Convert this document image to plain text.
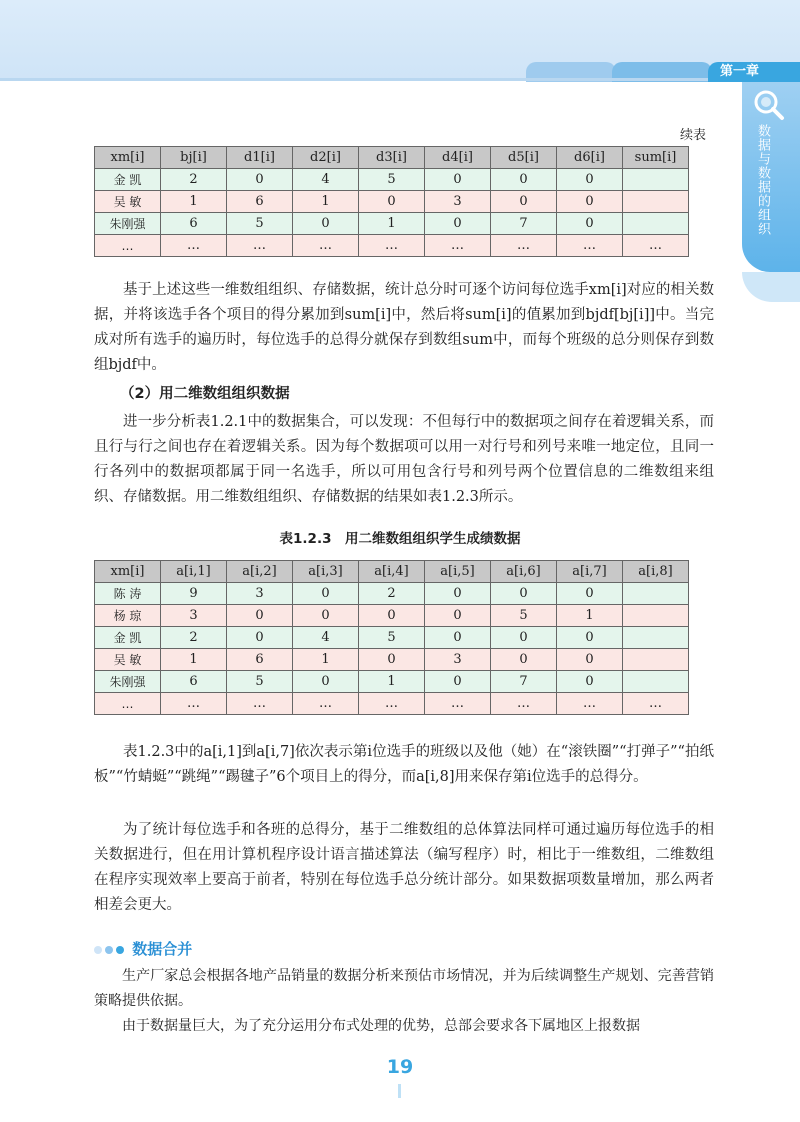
第一章
数据与数据的组织
续表
xm[i]	bj[i]	d1[i]	d2[i]	d3[i]	d4[i]	d5[i]	d6[i]	sum[i]
金 凯	2	0	4	5	0	0	0	
吴 敏	1	6	1	0	3	0	0	
朱刚强	6	5	0	1	0	7	0	
…	…	…	…	…	…	…	…	…

基于上述这些一维数组组织、存储数据，统计总分时可逐个访问每位选手xm[i]对应的相关数据，并将该选手各个项目的得分累加到sum[i]中，然后将sum[i]的值累加到bjdf[bj[i]]中。当完成对所有选手的遍历时，每位选手的总得分就保存到数组sum中，而每个班级的总分则保存到数组bjdf中。

（2）用二维数组组织数据

进一步分析表1.2.1中的数据集合，可以发现：不但每行中的数据项之间存在着逻辑关系，而且行与行之间也存在着逻辑关系。因为每个数据项可以用一对行号和列号来唯一地定位，且同一行各列中的数据项都属于同一名选手，所以可用包含行号和列号两个位置信息的二维数组来组织、存储数据。用二维数组组织、存储数据的结果如表1.2.3所示。

表1.2.3　用二维数组组织学生成绩数据
xm[i]	a[i,1]	a[i,2]	a[i,3]	a[i,4]	a[i,5]	a[i,6]	a[i,7]	a[i,8]
陈 涛	9	3	0	2	0	0	0	
杨 琼	3	0	0	0	0	5	1	
金 凯	2	0	4	5	0	0	0	
吴 敏	1	6	1	0	3	0	0	
朱刚强	6	5	0	1	0	7	0	
…	…	…	…	…	…	…	…	…

表1.2.3中的a[i,1]到a[i,7]依次表示第i位选手的班级以及他（她）在“滚铁圈”“打弹子”“拍纸板”“竹蜻蜓”“跳绳”“踢毽子”6个项目上的得分，而a[i,8]用来保存第i位选手的总得分。

为了统计每位选手和各班的总得分，基于二维数组的总体算法同样可通过遍历每位选手的相关数据进行，但在用计算机程序设计语言描述算法（编写程序）时，相比于一维数组，二维数组在程序实现效率上要高于前者，特别在每位选手总分统计部分。如果数据项数量增加，那么两者相差会更大。

数据合并

生产厂家总会根据各地产品销量的数据分析来预估市场情况，并为后续调整生产规划、完善营销策略提供依据。

由于数据量巨大，为了充分运用分布式处理的优势，总部会要求各下属地区上报数据

19
